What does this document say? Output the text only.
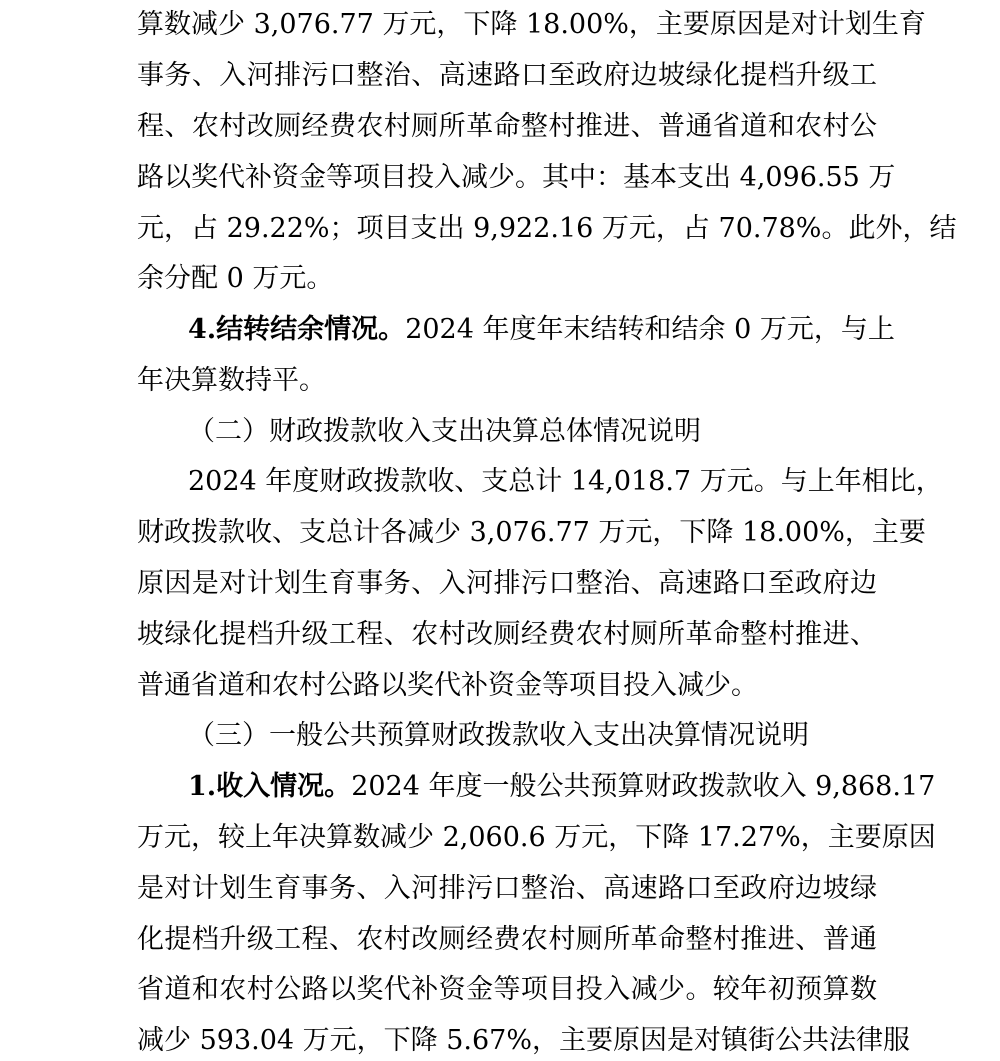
算数减少 3,076.77 万元，下降 18.00%，主要原因是对计划生育
事务、入河排污口整治、高速路口至政府边坡绿化提档升级工
程、农村改厕经费农村厕所革命整村推进、普通省道和农村公
路以奖代补资金等项目投入减少。其中：基本支出 4,096.55 万
元，占 29.22%；项目支出 9,922.16 万元，占 70.78%。此外，结
余分配 0 万元。
4.结转结余情况。2024 年度年末结转和结余 0 万元，与上
年决算数持平。
（二）财政拨款收入支出决算总体情况说明
2024 年度财政拨款收、支总计 14,018.7 万元。与上年相比，
财政拨款收、支总计各减少 3,076.77 万元，下降 18.00%，主要
原因是对计划生育事务、入河排污口整治、高速路口至政府边
坡绿化提档升级工程、农村改厕经费农村厕所革命整村推进、
普通省道和农村公路以奖代补资金等项目投入减少。
（三）一般公共预算财政拨款收入支出决算情况说明
1.收入情况。2024 年度一般公共预算财政拨款收入 9,868.17
万元，较上年决算数减少 2,060.6 万元，下降 17.27%，主要原因
是对计划生育事务、入河排污口整治、高速路口至政府边坡绿
化提档升级工程、农村改厕经费农村厕所革命整村推进、普通
省道和农村公路以奖代补资金等项目投入减少。较年初预算数
减少 593.04 万元，下降 5.67%，主要原因是对镇街公共法律服
